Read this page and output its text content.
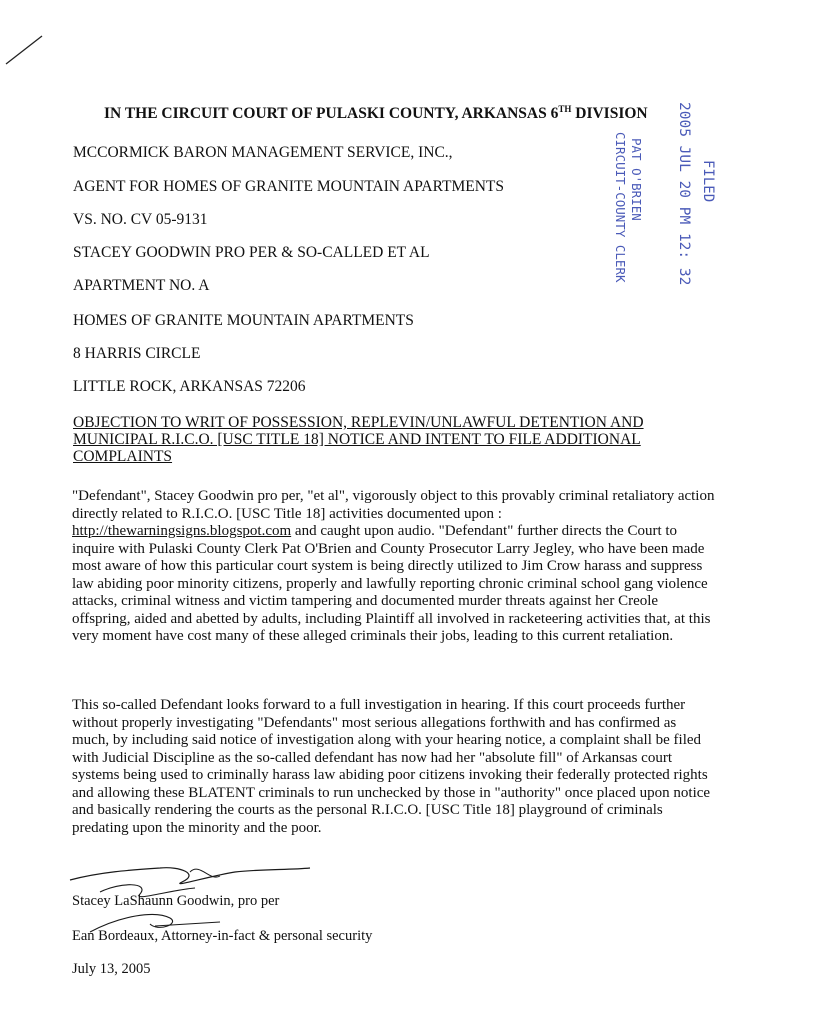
IN THE CIRCUIT COURT OF PULASKI COUNTY, ARKANSAS 6TH DIVISION
MCCORMICK BARON MANAGEMENT SERVICE, INC.,
AGENT FOR HOMES OF GRANITE MOUNTAIN APARTMENTS
VS. NO. CV 05-9131
STACEY GOODWIN PRO PER & SO-CALLED ET AL
APARTMENT NO. A
HOMES OF GRANITE MOUNTAIN APARTMENTS
8 HARRIS CIRCLE
LITTLE ROCK, ARKANSAS 72206
OBJECTION TO WRIT OF POSSESSION, REPLEVIN/UNLAWFUL DETENTION AND MUNICIPAL R.I.C.O. [USC TITLE 18] NOTICE AND INTENT TO FILE ADDITIONAL COMPLAINTS
"Defendant", Stacey Goodwin pro per, "et al", vigorously object to this provably criminal retaliatory action directly related to R.I.C.O. [USC Title 18] activities documented upon : http://thewarningsigns.blogspot.com and caught upon audio. "Defendant" further directs the Court to inquire with Pulaski County Clerk Pat O'Brien and County Prosecutor Larry Jegley, who have been made most aware of how this particular court system is being directly utilized to Jim Crow harass and suppress law abiding poor minority citizens, properly and lawfully reporting chronic criminal school gang violence attacks, criminal witness and victim tampering and documented murder threats against her Creole offspring, aided and abetted by adults, including Plaintiff all involved in racketeering activities that, at this very moment have cost many of these alleged criminals their jobs, leading to this current retaliation.
This so-called Defendant looks forward to a full investigation in hearing. If this court proceeds further without properly investigating "Defendants" most serious allegations forthwith and has confirmed as much, by including said notice of investigation along with your hearing notice, a complaint shall be filed with Judicial Discipline as the so-called defendant has now had her "absolute fill" of Arkansas court systems being used to criminally harass law abiding poor citizens invoking their federally protected rights and allowing these BLATENT criminals to run unchecked by those in "authority" once placed upon notice and basically rendering the courts as the personal R.I.C.O. [USC Title 18] playground of criminals predating upon the minority and the poor.
Stacey LaShaunn Goodwin, pro per
Ean Bordeaux, Attorney-in-fact & personal security
July 13, 2005
FILED
2005 JUL 20 PM 12: 32
PAT O'BRIEN
CIRCUIT-COUNTY CLERK
